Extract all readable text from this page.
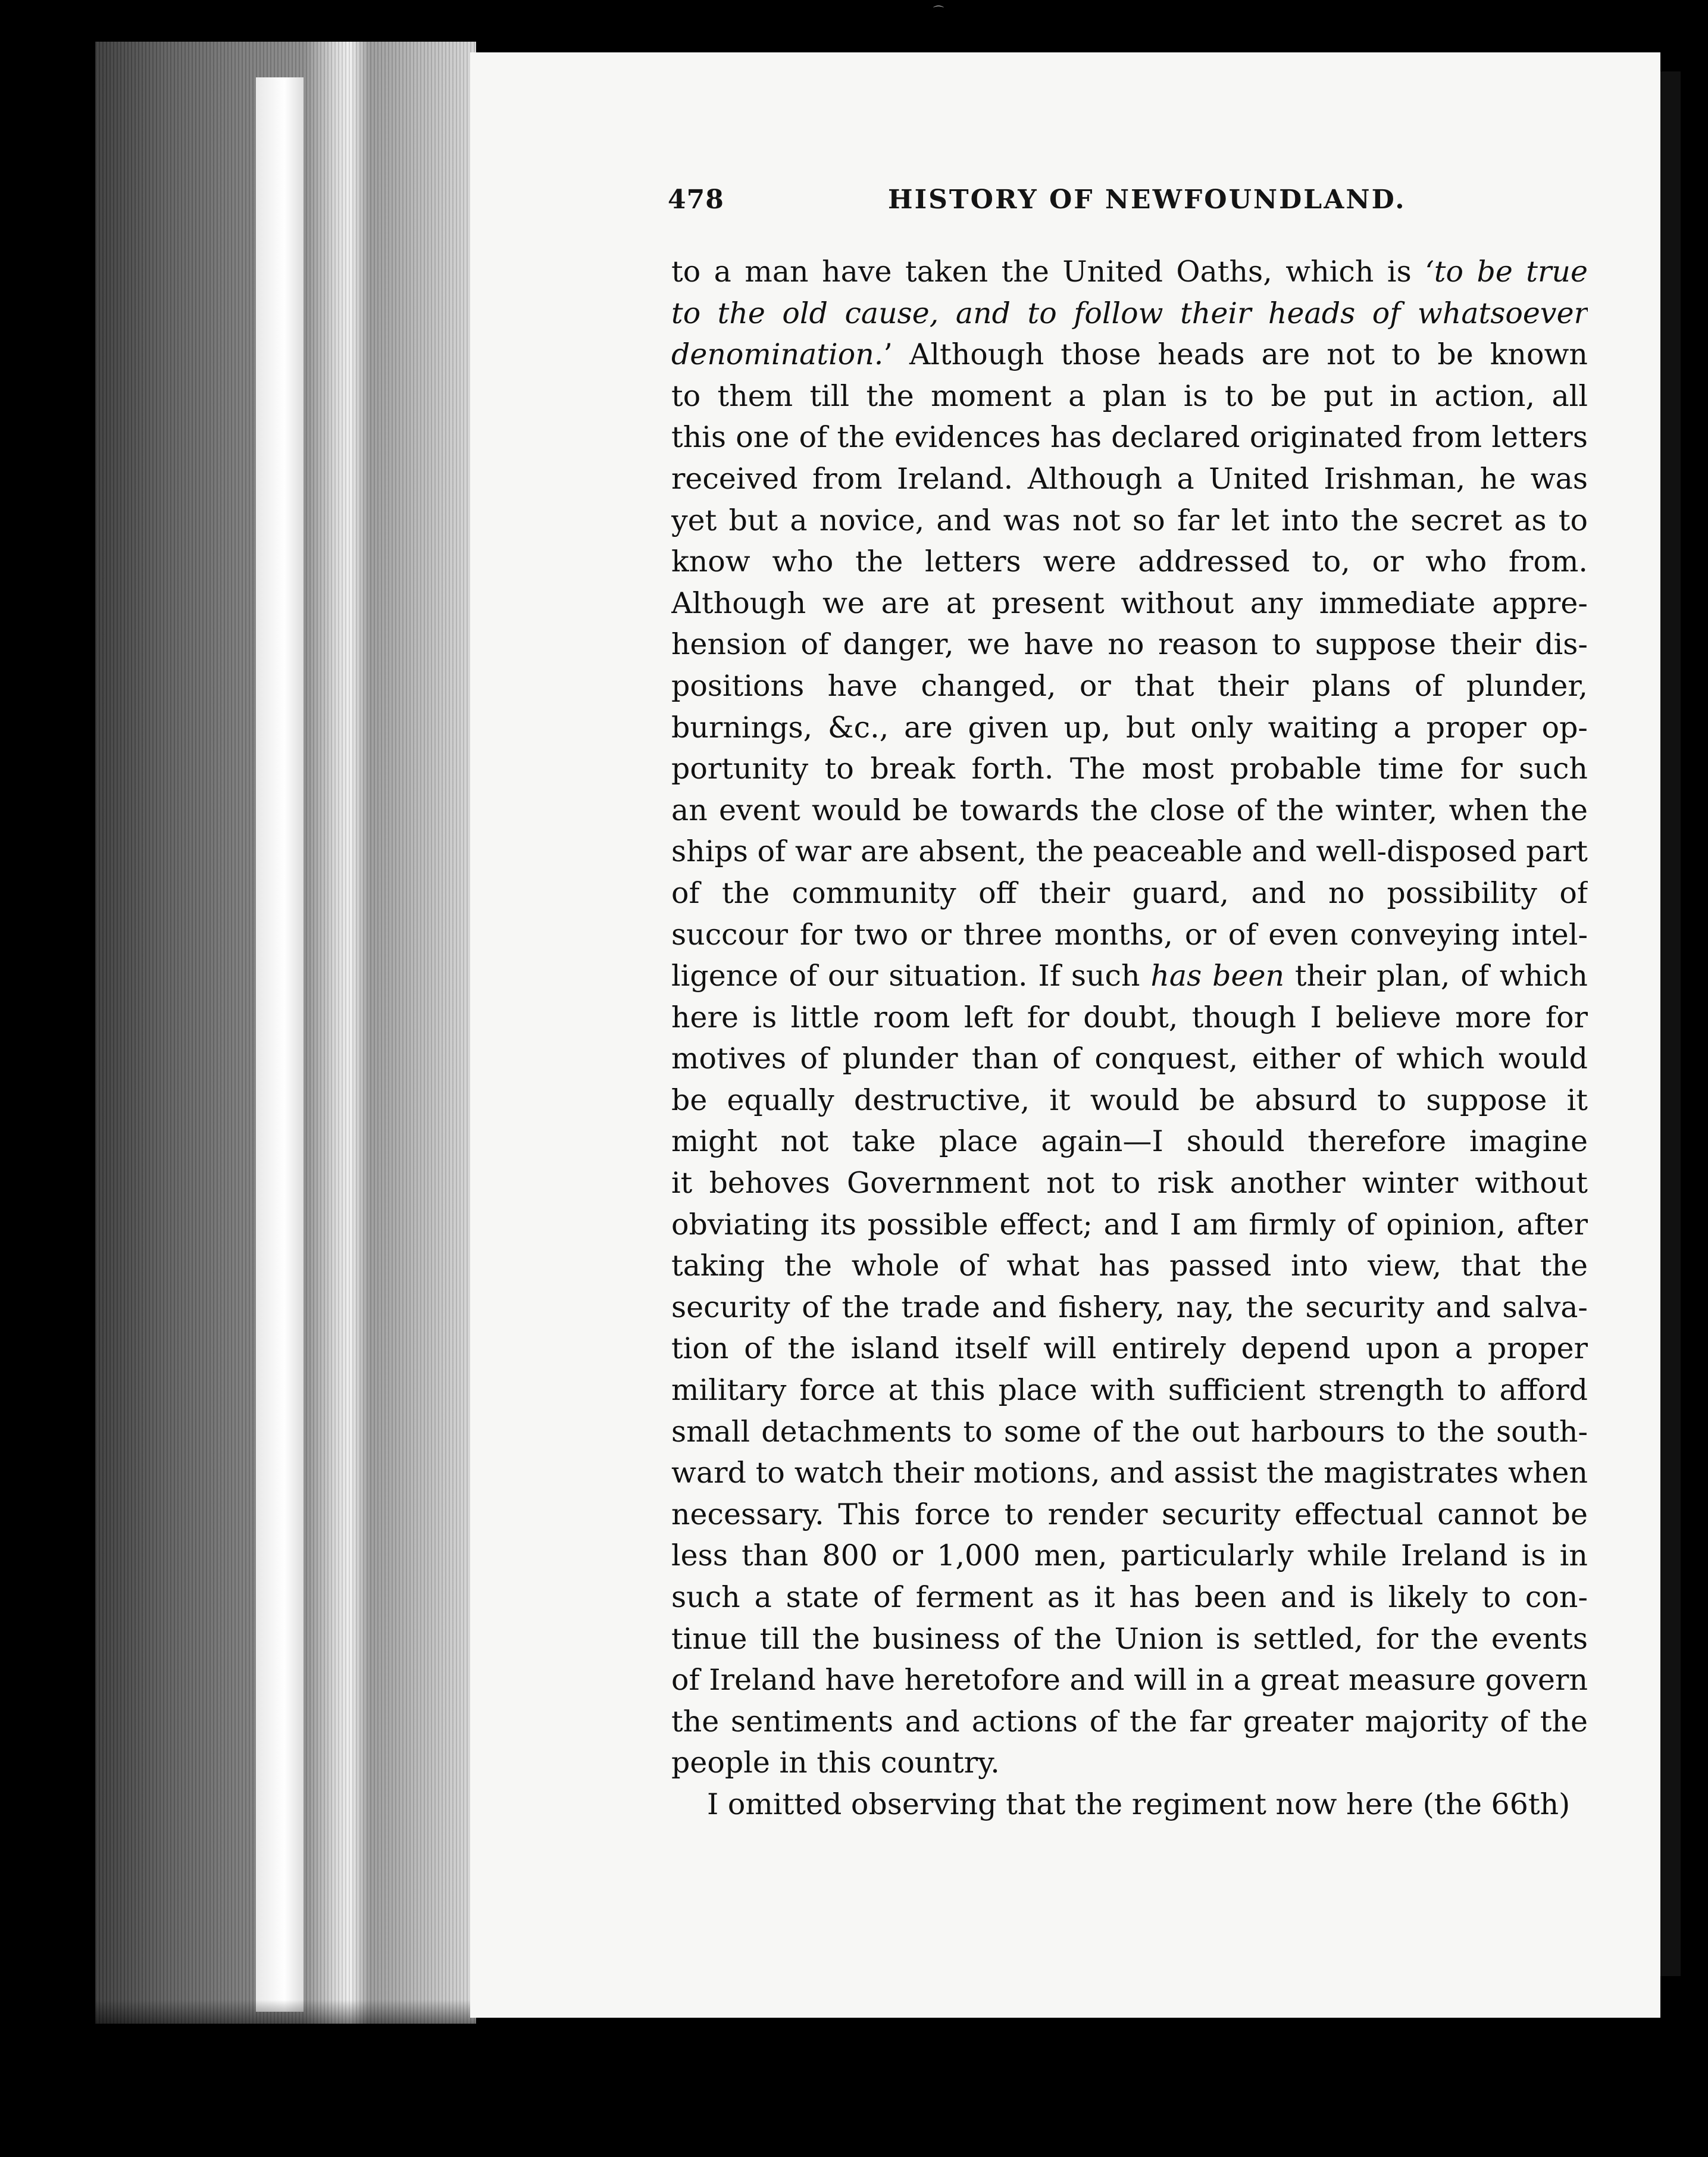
⌒
478	HISTORY OF NEWFOUNDLAND.
to a man have taken the United Oaths, which is ‘to be true
to the old cause, and to follow their heads of whatsoever
denomination.’ Although those heads are not to be known
to them till the moment a plan is to be put in action, all
this one of the evidences has declared originated from letters
received from Ireland. Although a United Irishman, he was
yet but a novice, and was not so far let into the secret as to
know who the letters were addressed to, or who from.
Although we are at present without any immediate appre-
hension of danger, we have no reason to suppose their dis-
positions have changed, or that their plans of plunder,
burnings, &c., are given up, but only waiting a proper op-
portunity to break forth. The most probable time for such
an event would be towards the close of the winter, when the
ships of war are absent, the peaceable and well-disposed part
of the community off their guard, and no possibility of
succour for two or three months, or of even conveying intel-
ligence of our situation. If such has been their plan, of which
here is little room left for doubt, though I believe more for
motives of plunder than of conquest, either of which would
be equally destructive, it would be absurd to suppose it
might not take place again—I should therefore imagine
it behoves Government not to risk another winter without
obviating its possible effect; and I am firmly of opinion, after
taking the whole of what has passed into view, that the
security of the trade and fishery, nay, the security and salva-
tion of the island itself will entirely depend upon a proper
military force at this place with sufficient strength to afford
small detachments to some of the out harbours to the south-
ward to watch their motions, and assist the magistrates when
necessary. This force to render security effectual cannot be
less than 800 or 1,000 men, particularly while Ireland is in
such a state of ferment as it has been and is likely to con-
tinue till the business of the Union is settled, for the events
of Ireland have heretofore and will in a great measure govern
the sentiments and actions of the far greater majority of the
people in this country.
I omitted observing that the regiment now here (the 66th)
